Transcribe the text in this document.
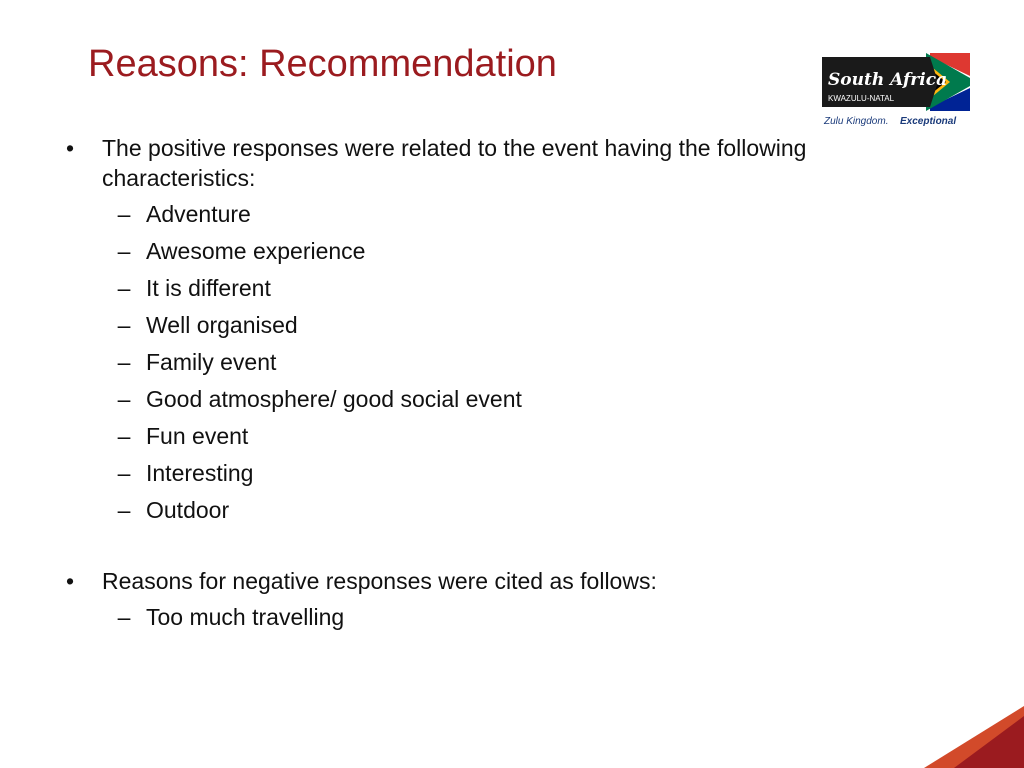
Reasons: Recommendation	South Africa
KWAZULU-NATAL
Zulu Kingdom. Exceptional
• The positive responses were related to the event having the following characteristics:
– Adventure
– Awesome experience
– It is different
– Well organised
– Family event
– Good atmosphere/ good social event
– Fun event
– Interesting
– Outdoor
• Reasons for negative responses were cited as follows:
– Too much travelling
